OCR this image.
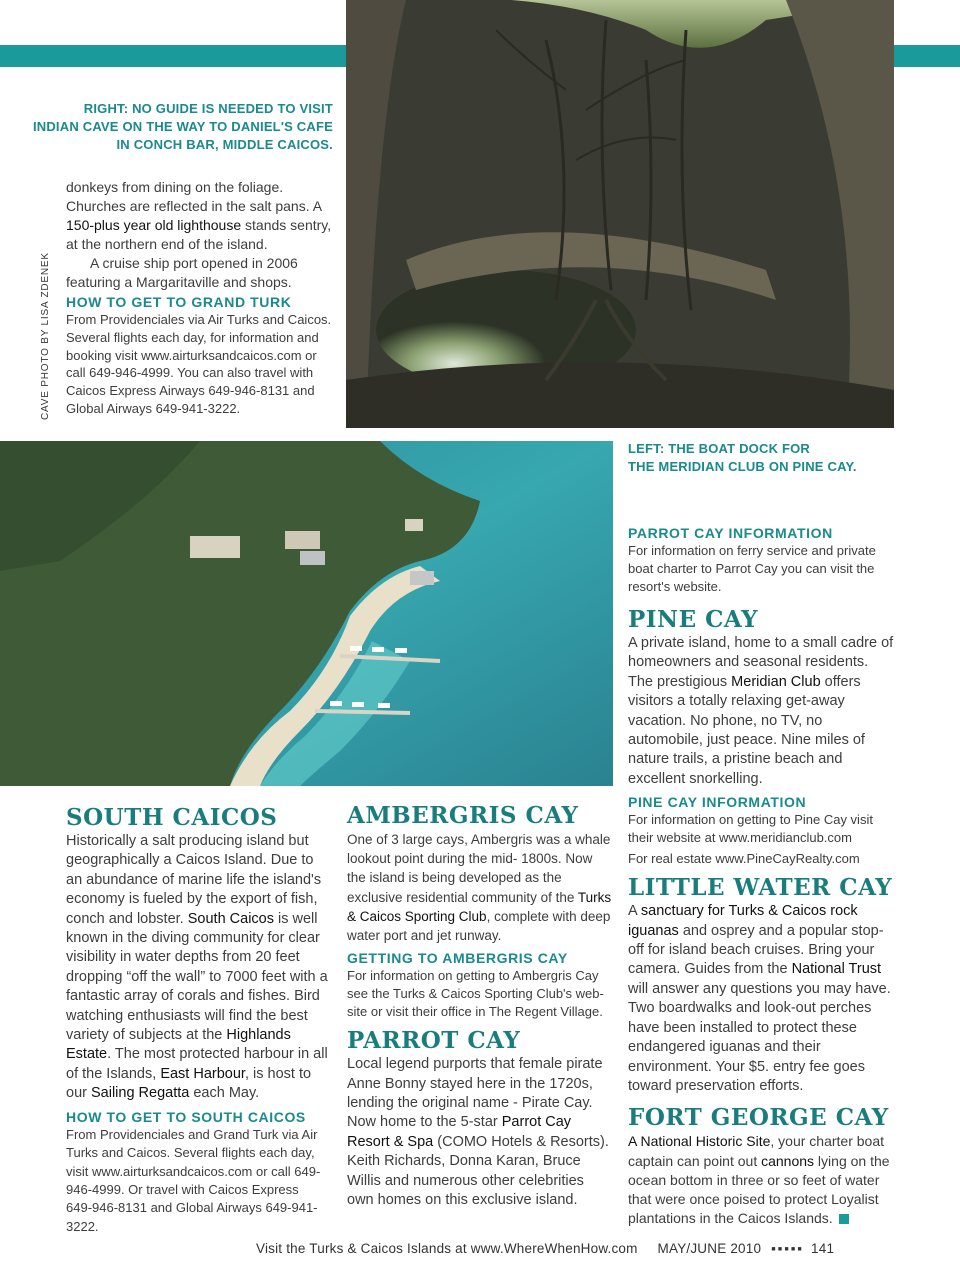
RIGHT: NO GUIDE IS NEEDED TO VISIT
INDIAN CAVE ON THE WAY TO DANIEL'S CAFE
IN CONCH BAR, MIDDLE CAICOS.
CAVE PHOTO BY LISA ZDENEK

donkeys from dining on the foliage. Churches are reflected in the salt pans. A 150-plus year old lighthouse stands sentry, at the northern end of the island.

A cruise ship port opened in 2006 featuring a Margaritaville and shops.

HOW TO GET TO GRAND TURK

From Providenciales via Air Turks and Caicos. Several flights each day, for information and booking visit www.airturksandcaicos.com or call 649-946-4999. You can also travel with Caicos Express Airways 649-946-8131 and Global Airways 649-941-3222.

LEFT: THE BOAT DOCK FOR
THE MERIDIAN CLUB ON PINE CAY.
PARROT CAY INFORMATION

For information on ferry service and private boat charter to Parrot Cay you can visit the resort's website.

PINE CAY

A private island, home to a small cadre of homeowners and seasonal residents. The prestigious Meridian Club offers visitors a totally relaxing get-away vacation. No phone, no TV, no automobile, just peace. Nine miles of nature trails, a pristine beach and excellent snorkelling.

PINE CAY INFORMATION

For information on getting to Pine Cay visit their website at www.meridianclub.com

For real estate www.PineCayRealty.com

LITTLE WATER CAY

A sanctuary for Turks & Caicos rock iguanas and osprey and a popular stop-off for island beach cruises. Bring your camera. Guides from the National Trust will answer any questions you may have. Two boardwalks and look-out perches have been installed to protect these endangered iguanas and their environment. Your $5. entry fee goes toward preservation efforts.

FORT GEORGE CAY

A National Historic Site, your charter boat captain can point out cannons lying on the ocean bottom in three or so feet of water that were once poised to protect Loyalist plantations in the Caicos Islands.

SOUTH CAICOS

Historically a salt producing island but geographically a Caicos Island. Due to an abundance of marine life the island's economy is fueled by the export of fish, conch and lobster. South Caicos is well known in the diving community for clear visibility in water depths from 20 feet dropping “off the wall” to 7000 feet with a fantastic array of corals and fishes. Bird watching enthusiasts will find the best variety of subjects at the Highlands Estate. The most protected harbour in all of the Islands, East Harbour, is host to our Sailing Regatta each May.

HOW TO GET TO SOUTH CAICOS

From Providenciales and Grand Turk via Air Turks and Caicos. Several flights each day, visit www.airturksandcaicos.com or call 649-946-4999. Or travel with Caicos Express 649-946-8131 and Global Airways 649-941-3222.

AMBERGRIS CAY

One of 3 large cays, Ambergris was a whale lookout point during the mid- 1800s. Now the island is being developed as the exclusive residential community of the Turks & Caicos Sporting Club, complete with deep water port and jet runway.

GETTING TO AMBERGRIS CAY

For information on getting to Ambergris Cay see the Turks & Caicos Sporting Club's web-site or visit their office in The Regent Village.

PARROT CAY

Local legend purports that female pirate Anne Bonny stayed here in the 1720s, lending the original name - Pirate Cay. Now home to the 5-star Parrot Cay Resort & Spa (COMO Hotels & Resorts). Keith Richards, Donna Karan, Bruce Willis and numerous other celebrities own homes on this exclusive island.

Visit the Turks & Caicos Islands at www.WhereWhenHow.com MAY/JUNE 2010 ▪ ▪ ▪ ▪ ▪ 141
